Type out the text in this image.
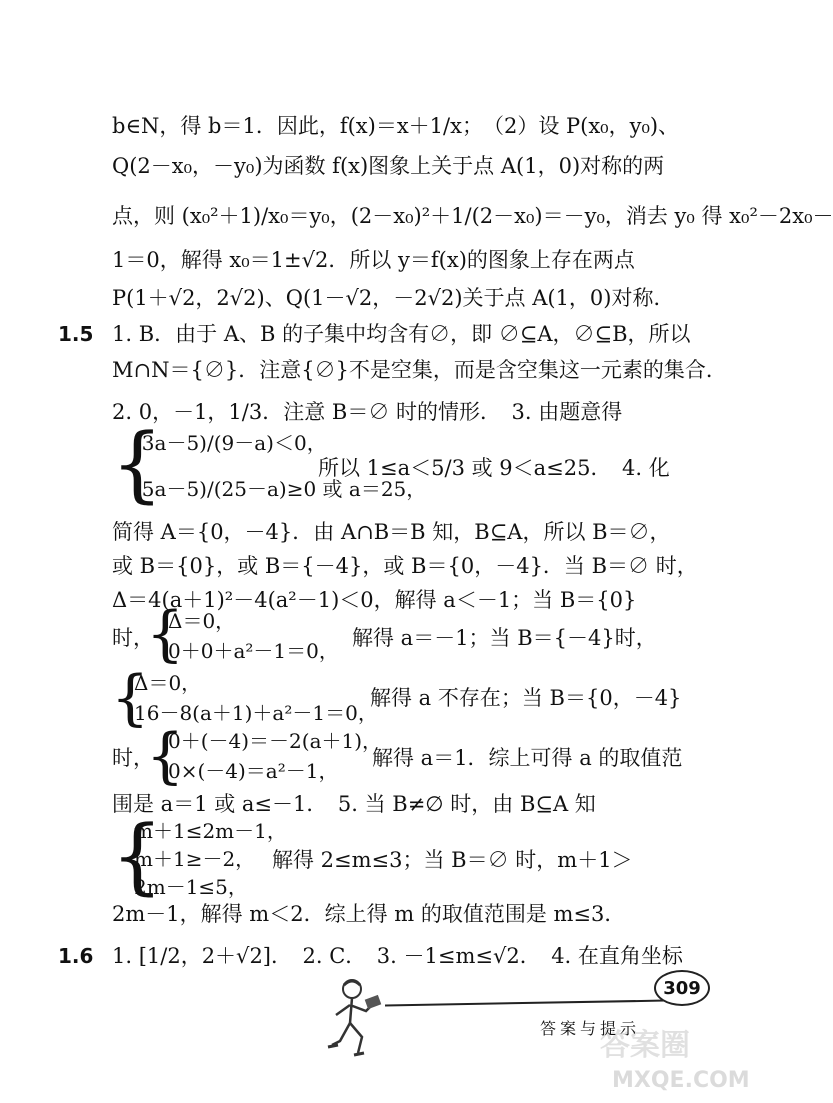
b∈N，得 b＝1．因此，f(x)＝x＋1/x；　（2）设 P(x₀，y₀)、
Q(2－x₀，－y₀)为函数 f(x)图象上关于点 A(1，0)对称的两
点，则 (x₀²＋1)/x₀＝y₀，(2－x₀)²＋1/(2－x₀)＝－y₀，消去 y₀ 得 x₀²－2x₀－
1＝0，解得 x₀＝1±√2．所以 y＝f(x)的图象上存在两点
P(1＋√2，2√2)、Q(1－√2，－2√2)关于点 A(1，0)对称．
1.5 1. B．由于 A、B 的子集中均含有∅，即 ∅⊆A，∅⊆B，所以
M∩N＝{∅}．注意{∅}不是空集，而是含空集这一元素的集合．
2. 0，－1，1/3．注意 B＝∅ 时的情形．　3. 由题意得
{
(3a－5)/(9－a)＜0，
(5a－5)/(25－a)≥0 或 a＝25，
所以 1≤a＜5/3 或 9＜a≤25．　4. 化
简得 A＝{0，－4}．由 A∩B＝B 知，B⊆A，所以 B＝∅，
或 B＝{0}，或 B＝{－4}，或 B＝{0，－4}．当 B＝∅ 时，
Δ＝4(a＋1)²－4(a²－1)＜0，解得 a＜－1；当 B＝{0}
时，
{
Δ＝0，
0＋0＋a²－1＝0，
解得 a＝－1；当 B＝{－4}时，
{
Δ＝0，
16－8(a＋1)＋a²－1＝0，
解得 a 不存在；当 B＝{0，－4}
时，
{
0＋(－4)＝－2(a＋1)，
0×(－4)＝a²－1，
解得 a＝1．综上可得 a 的取值范
围是 a＝1 或 a≤－1．　5. 当 B≠∅ 时，由 B⊆A 知
{
m＋1≤2m－1，
m＋1≥－2，
2m－1≤5，
解得 2≤m≤3；当 B＝∅ 时，m＋1＞
2m－1，解得 m＜2．综上得 m 的取值范围是 m≤3．
1.6 1. [1/2，2＋√2]．　2. C．　3. －1≤m≤√2．　4. 在直角坐标
309
答案与提示
答案圈
MXQE.COM
